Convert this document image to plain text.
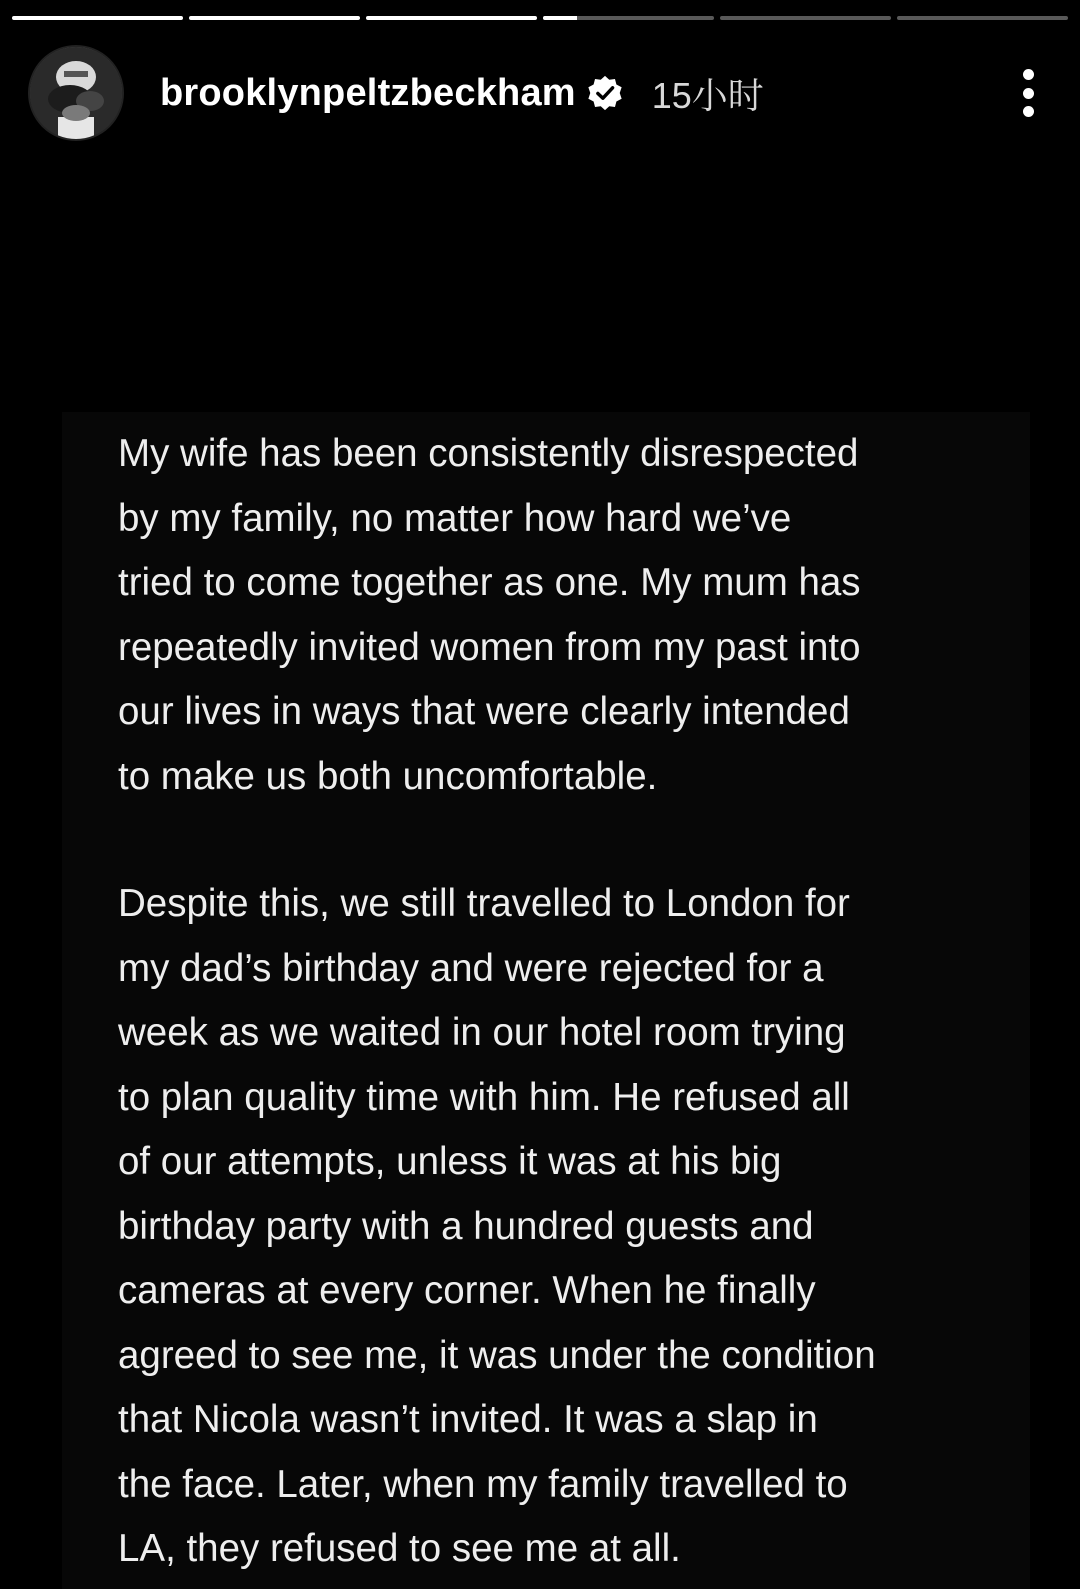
brooklynpeltzbeckham 15小时

My wife has been consistently disrespected
by my family, no matter how hard we’ve
tried to come together as one. My mum has
repeatedly invited women from my past into
our lives in ways that were clearly intended
to make us both uncomfortable.

Despite this, we still travelled to London for
my dad’s birthday and were rejected for a
week as we waited in our hotel room trying
to plan quality time with him. He refused all
of our attempts, unless it was at his big
birthday party with a hundred guests and
cameras at every corner. When he finally
agreed to see me, it was under the condition
that Nicola wasn’t invited. It was a slap in
the face. Later, when my family travelled to
LA, they refused to see me at all.
